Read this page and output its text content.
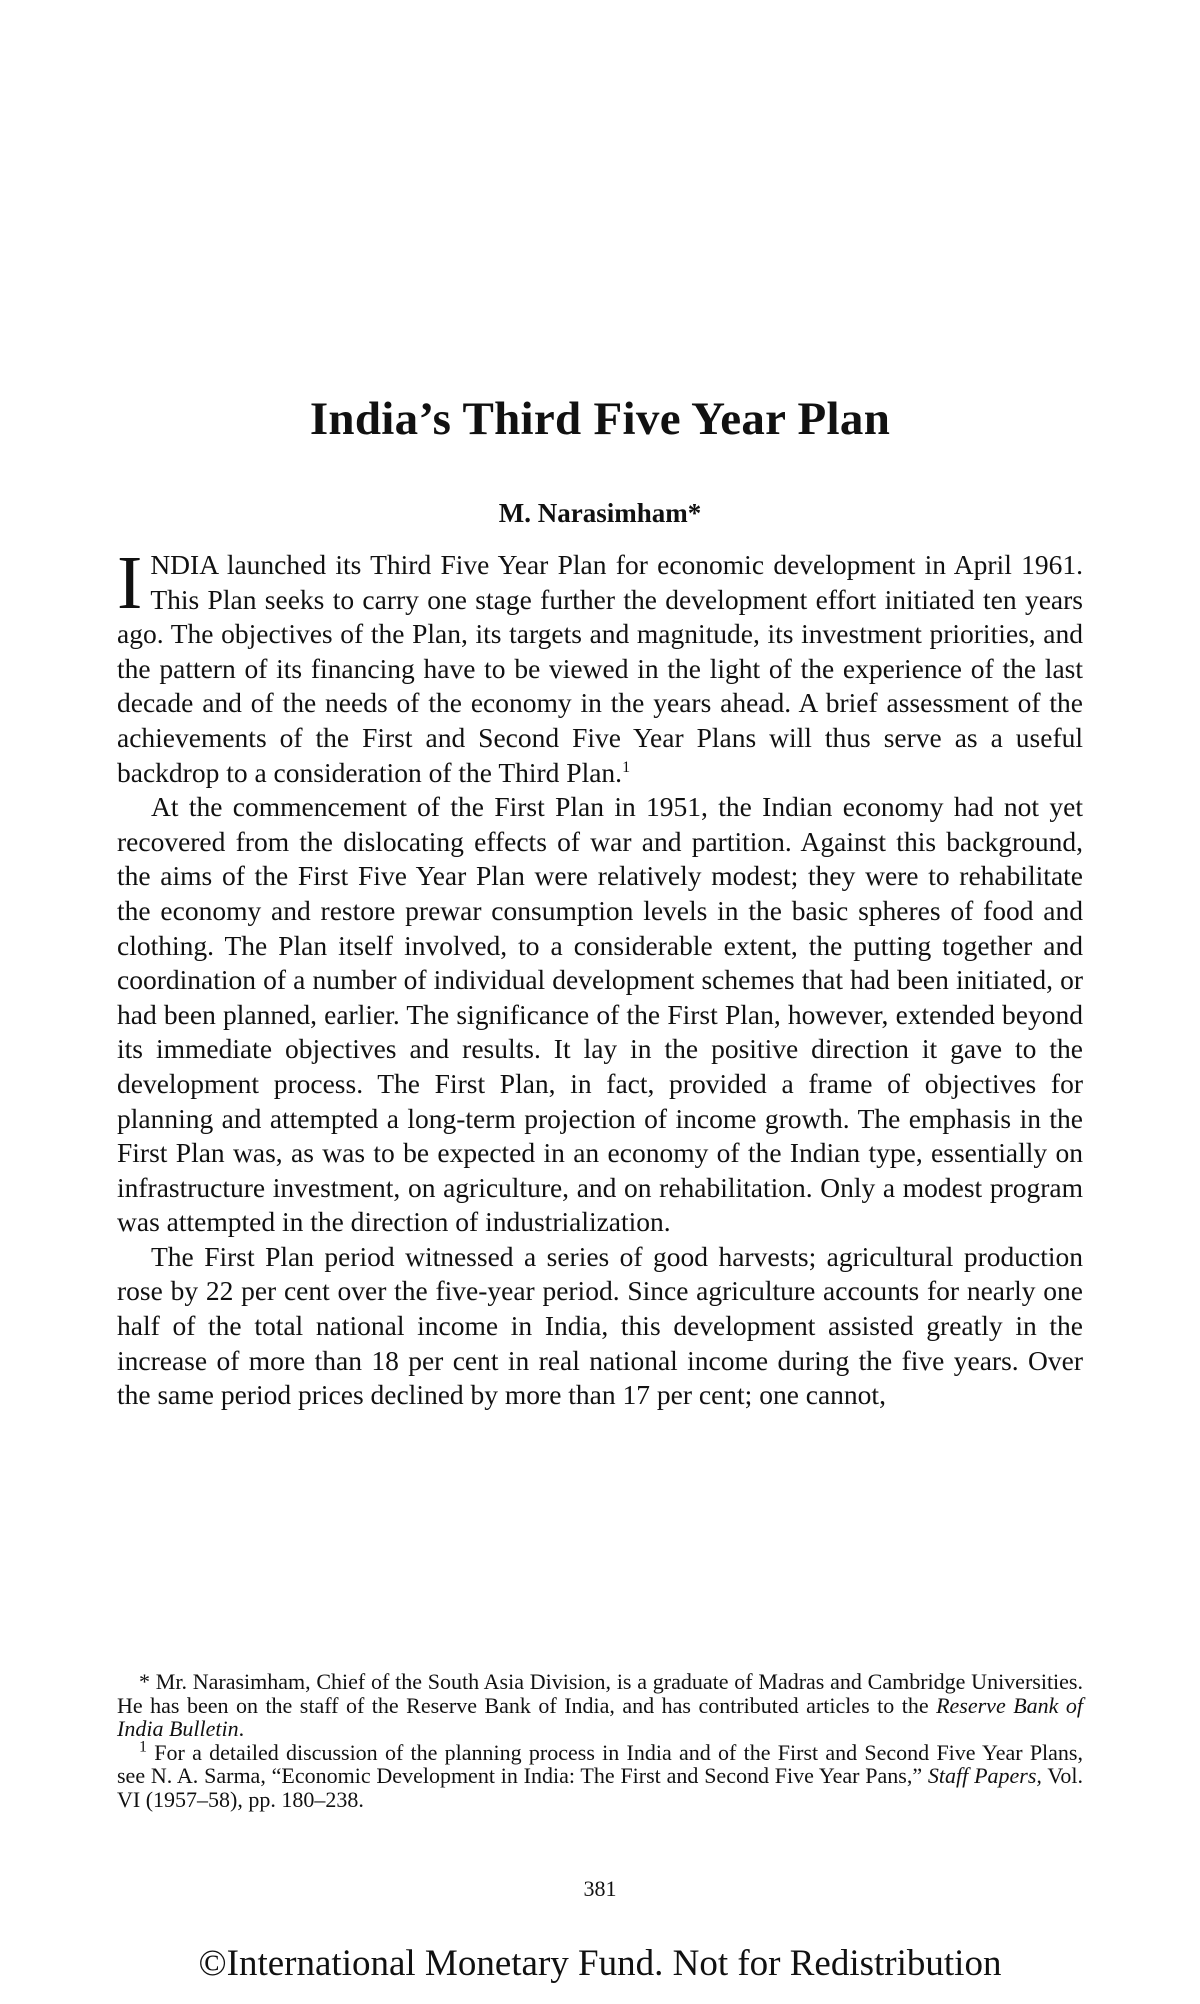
India’s Third Five Year Plan
M. Narasimham*

INDIA launched its Third Five Year Plan for economic development in April 1961. This Plan seeks to carry one stage further the development effort initiated ten years ago. The objectives of the Plan, its targets and magnitude, its investment priorities, and the pattern of its financing have to be viewed in the light of the experience of the last decade and of the needs of the economy in the years ahead. A brief assessment of the achievements of the First and Second Five Year Plans will thus serve as a useful backdrop to a consideration of the Third Plan.$^1$

At the commencement of the First Plan in 1951, the Indian economy had not yet recovered from the dislocating effects of war and partition. Against this background, the aims of the First Five Year Plan were relatively modest; they were to rehabilitate the economy and restore prewar consumption levels in the basic spheres of food and clothing. The Plan itself involved, to a considerable extent, the putting together and coordination of a number of individual development schemes that had been initiated, or had been planned, earlier. The significance of the First Plan, however, extended beyond its immediate objectives and results. It lay in the positive direction it gave to the development process. The First Plan, in fact, provided a frame of objectives for planning and attempted a long-term projection of income growth. The emphasis in the First Plan was, as was to be expected in an economy of the Indian type, essentially on infrastructure investment, on agriculture, and on rehabilitation. Only a modest program was attempted in the direction of industrialization.

The First Plan period witnessed a series of good harvests; agricultural production rose by 22 per cent over the five-year period. Since agriculture accounts for nearly one half of the total national income in India, this development assisted greatly in the increase of more than 18 per cent in real national income during the five years. Over the same period prices declined by more than 17 per cent; one cannot,

* Mr. Narasimham, Chief of the South Asia Division, is a graduate of Madras and Cambridge Universities. He has been on the staff of the Reserve Bank of India, and has contributed articles to the Reserve Bank of India Bulletin.

$^1$ For a detailed discussion of the planning process in India and of the First and Second Five Year Plans, see N. A. Sarma, “Economic Development in India: The First and Second Five Year Pans,” Staff Papers, Vol. VI (1957–58), pp. 180–238.

381
©International Monetary Fund. Not for Redistribution
